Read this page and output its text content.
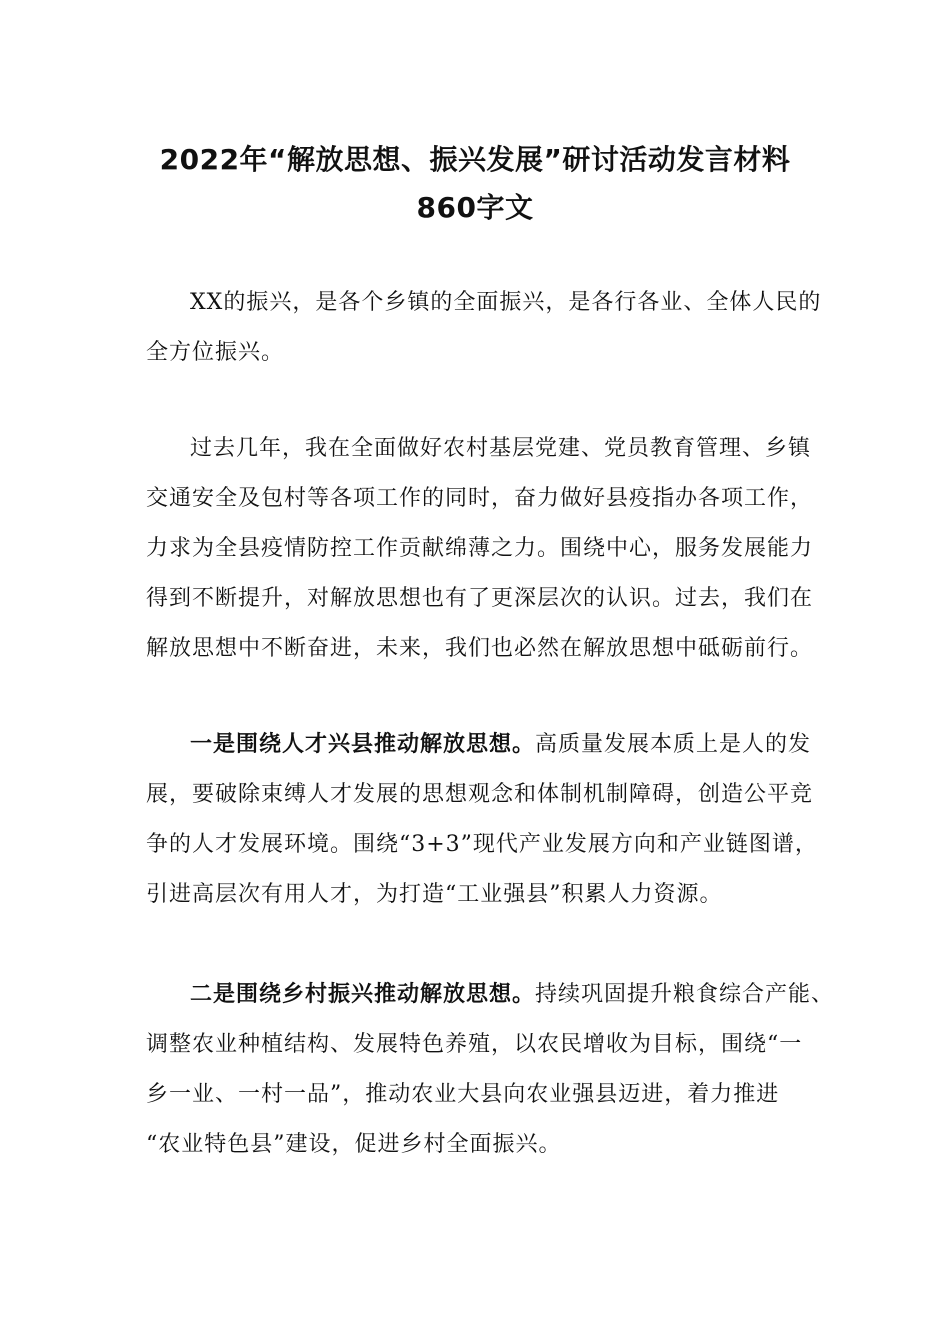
2022年“解放思想、振兴发展”研讨活动发言材料
860字文
XX的振兴，是各个乡镇的全面振兴，是各行各业、全体人民的
全方位振兴。
过去几年，我在全面做好农村基层党建、党员教育管理、乡镇
交通安全及包村等各项工作的同时，奋力做好县疫指办各项工作，
力求为全县疫情防控工作贡献绵薄之力。围绕中心，服务发展能力
得到不断提升，对解放思想也有了更深层次的认识。过去，我们在
解放思想中不断奋进，未来，我们也必然在解放思想中砥砺前行。
一是围绕人才兴县推动解放思想。高质量发展本质上是人的发
展，要破除束缚人才发展的思想观念和体制机制障碍，创造公平竞
争的人才发展环境。围绕“3+3”现代产业发展方向和产业链图谱，
引进高层次有用人才，为打造“工业强县”积累人力资源。
二是围绕乡村振兴推动解放思想。持续巩固提升粮食综合产能、
调整农业种植结构、发展特色养殖，以农民增收为目标，围绕“一
乡一业、一村一品”，推动农业大县向农业强县迈进，着力推进
“农业特色县”建设，促进乡村全面振兴。
